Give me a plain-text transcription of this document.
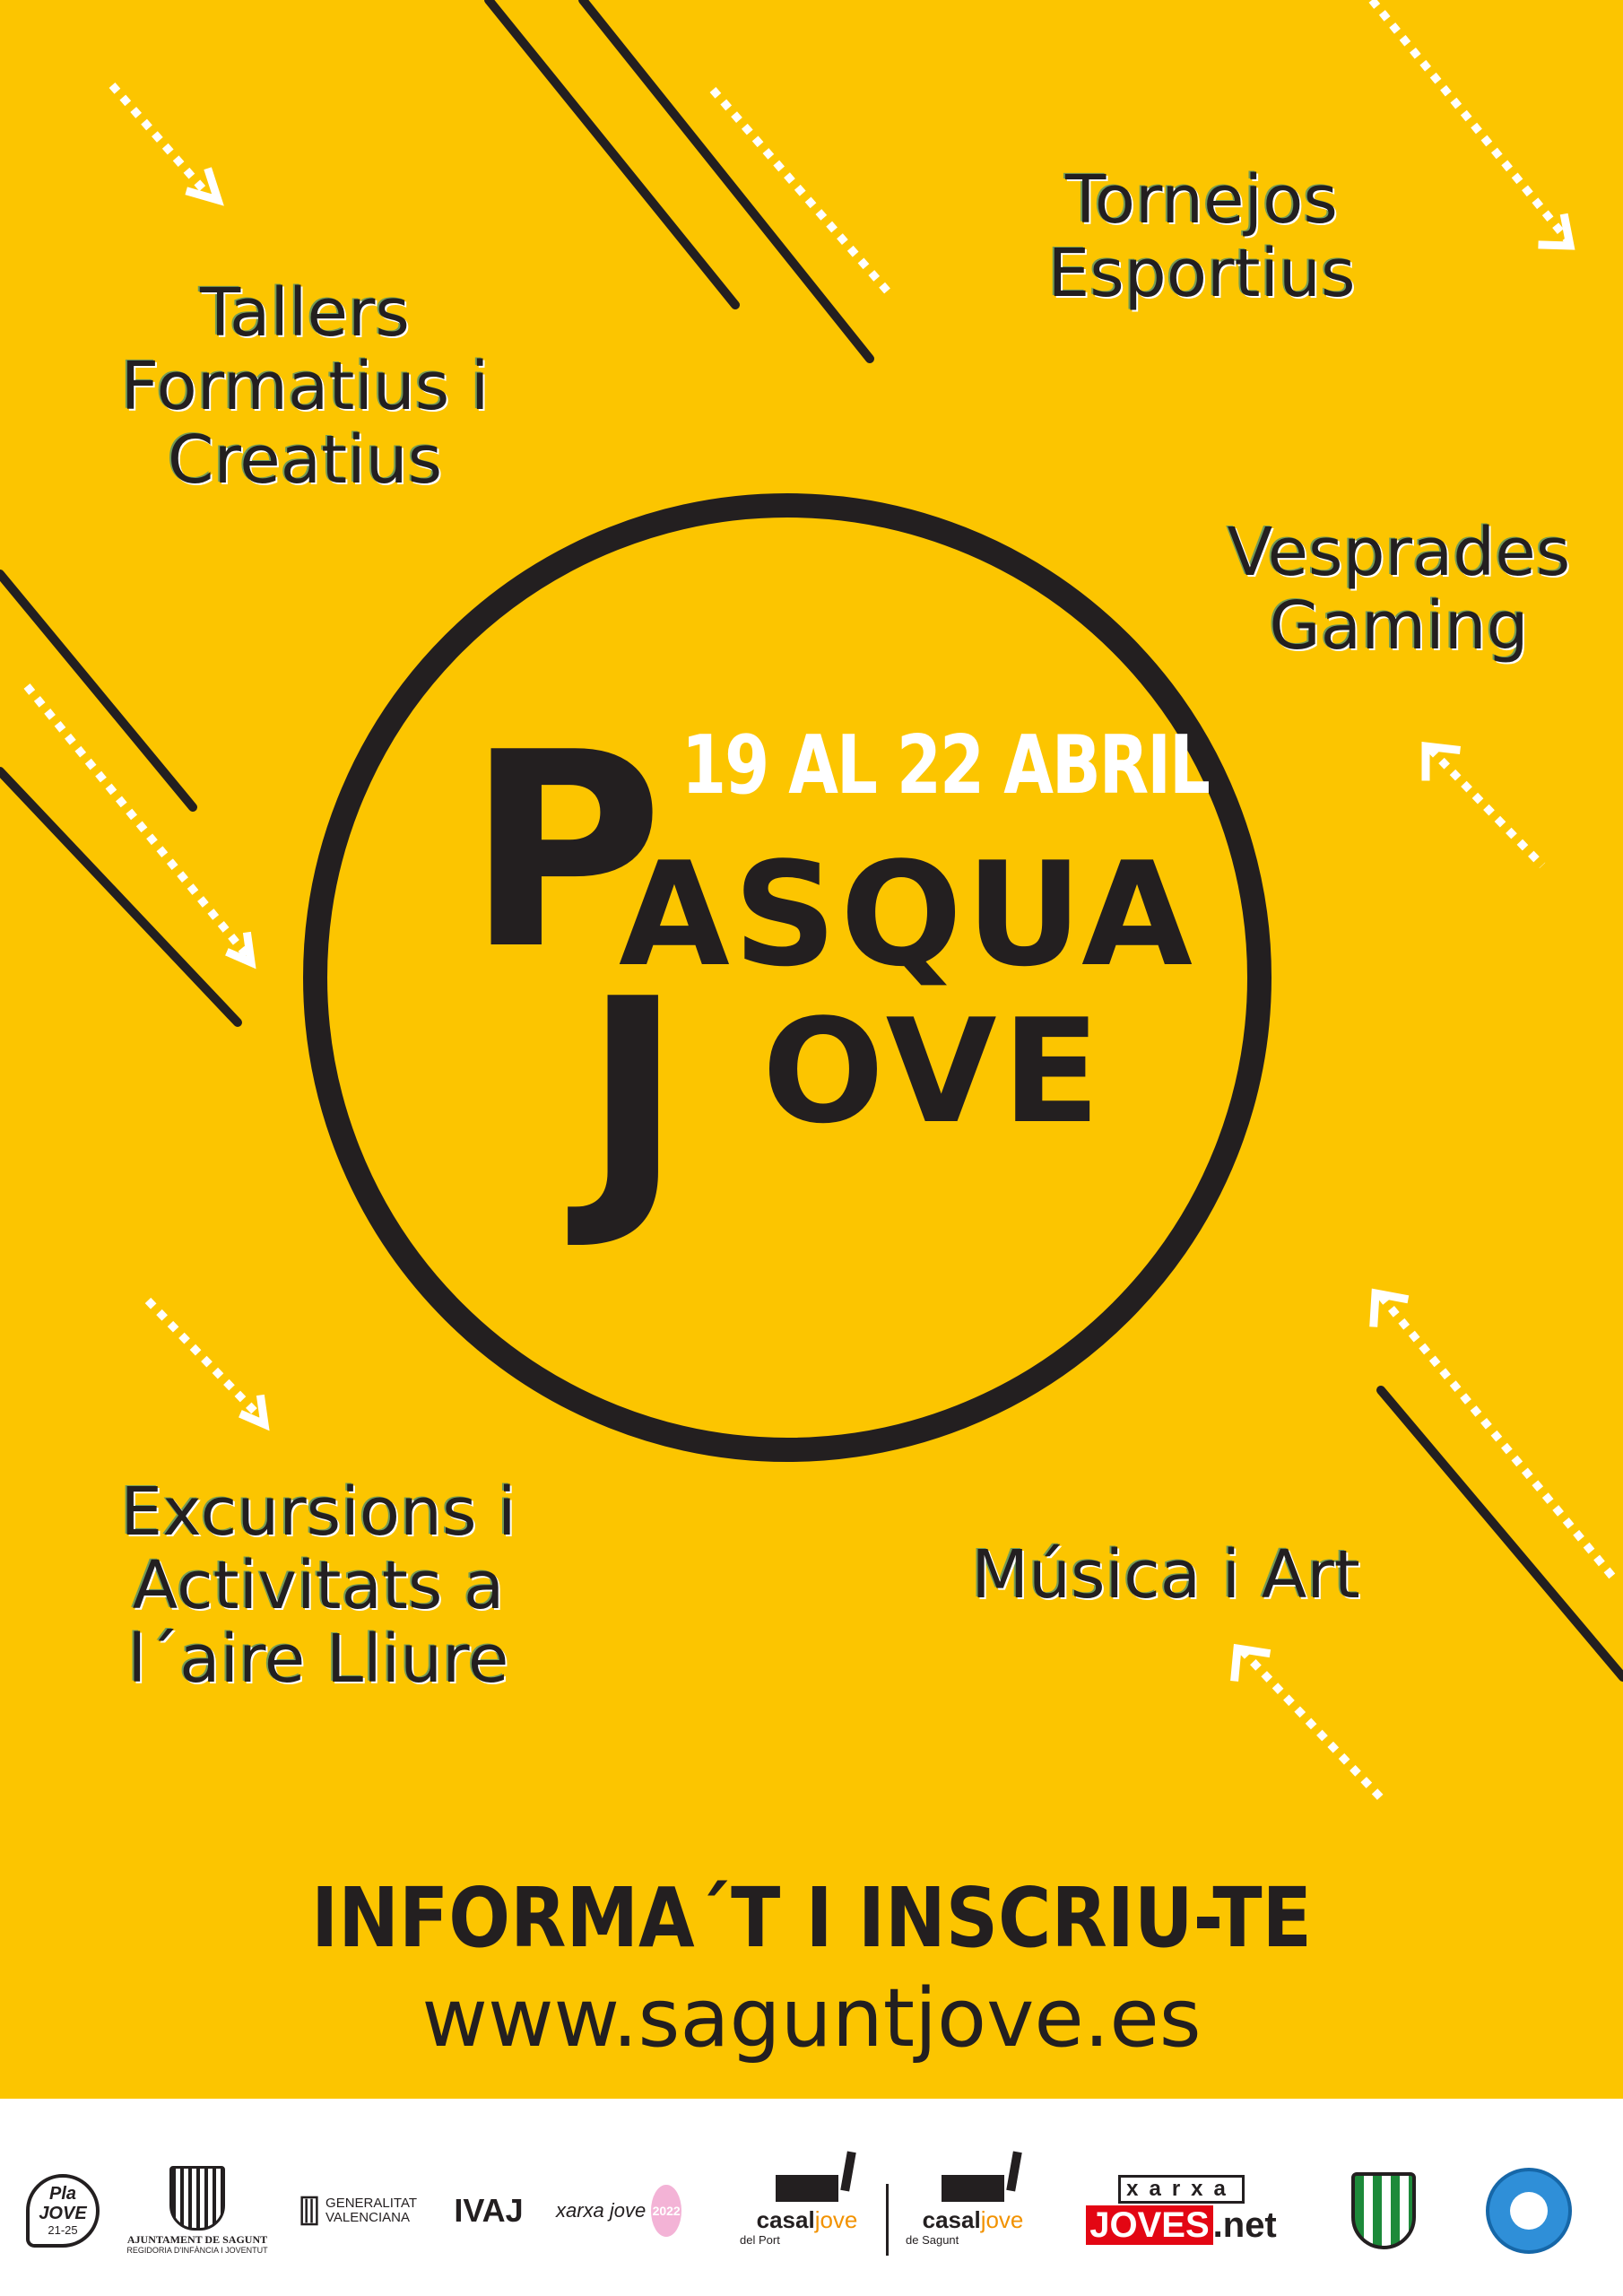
Tallers
Formatius i
Creatius
Tornejos
Esportius
Vesprades
Gaming
Excursions i
Activitats a
l´aire Lliure
Música i Art
19 AL 22 ABRIL
P
ASQUA
J OVE
INFORMA´T I INSCRIU-TE
www.saguntjove.es
Pla
JOVE
21-25
AJUNTAMENT DE SAGUNT
REGIDORIA D'INFÀNCIA I JOVENTUT
GENERALITAT
VALENCIANA IVAJ xarxa jove 2022	casaljove
del Port
casaljove
de Sagunt
xarxa
JOVES .net
